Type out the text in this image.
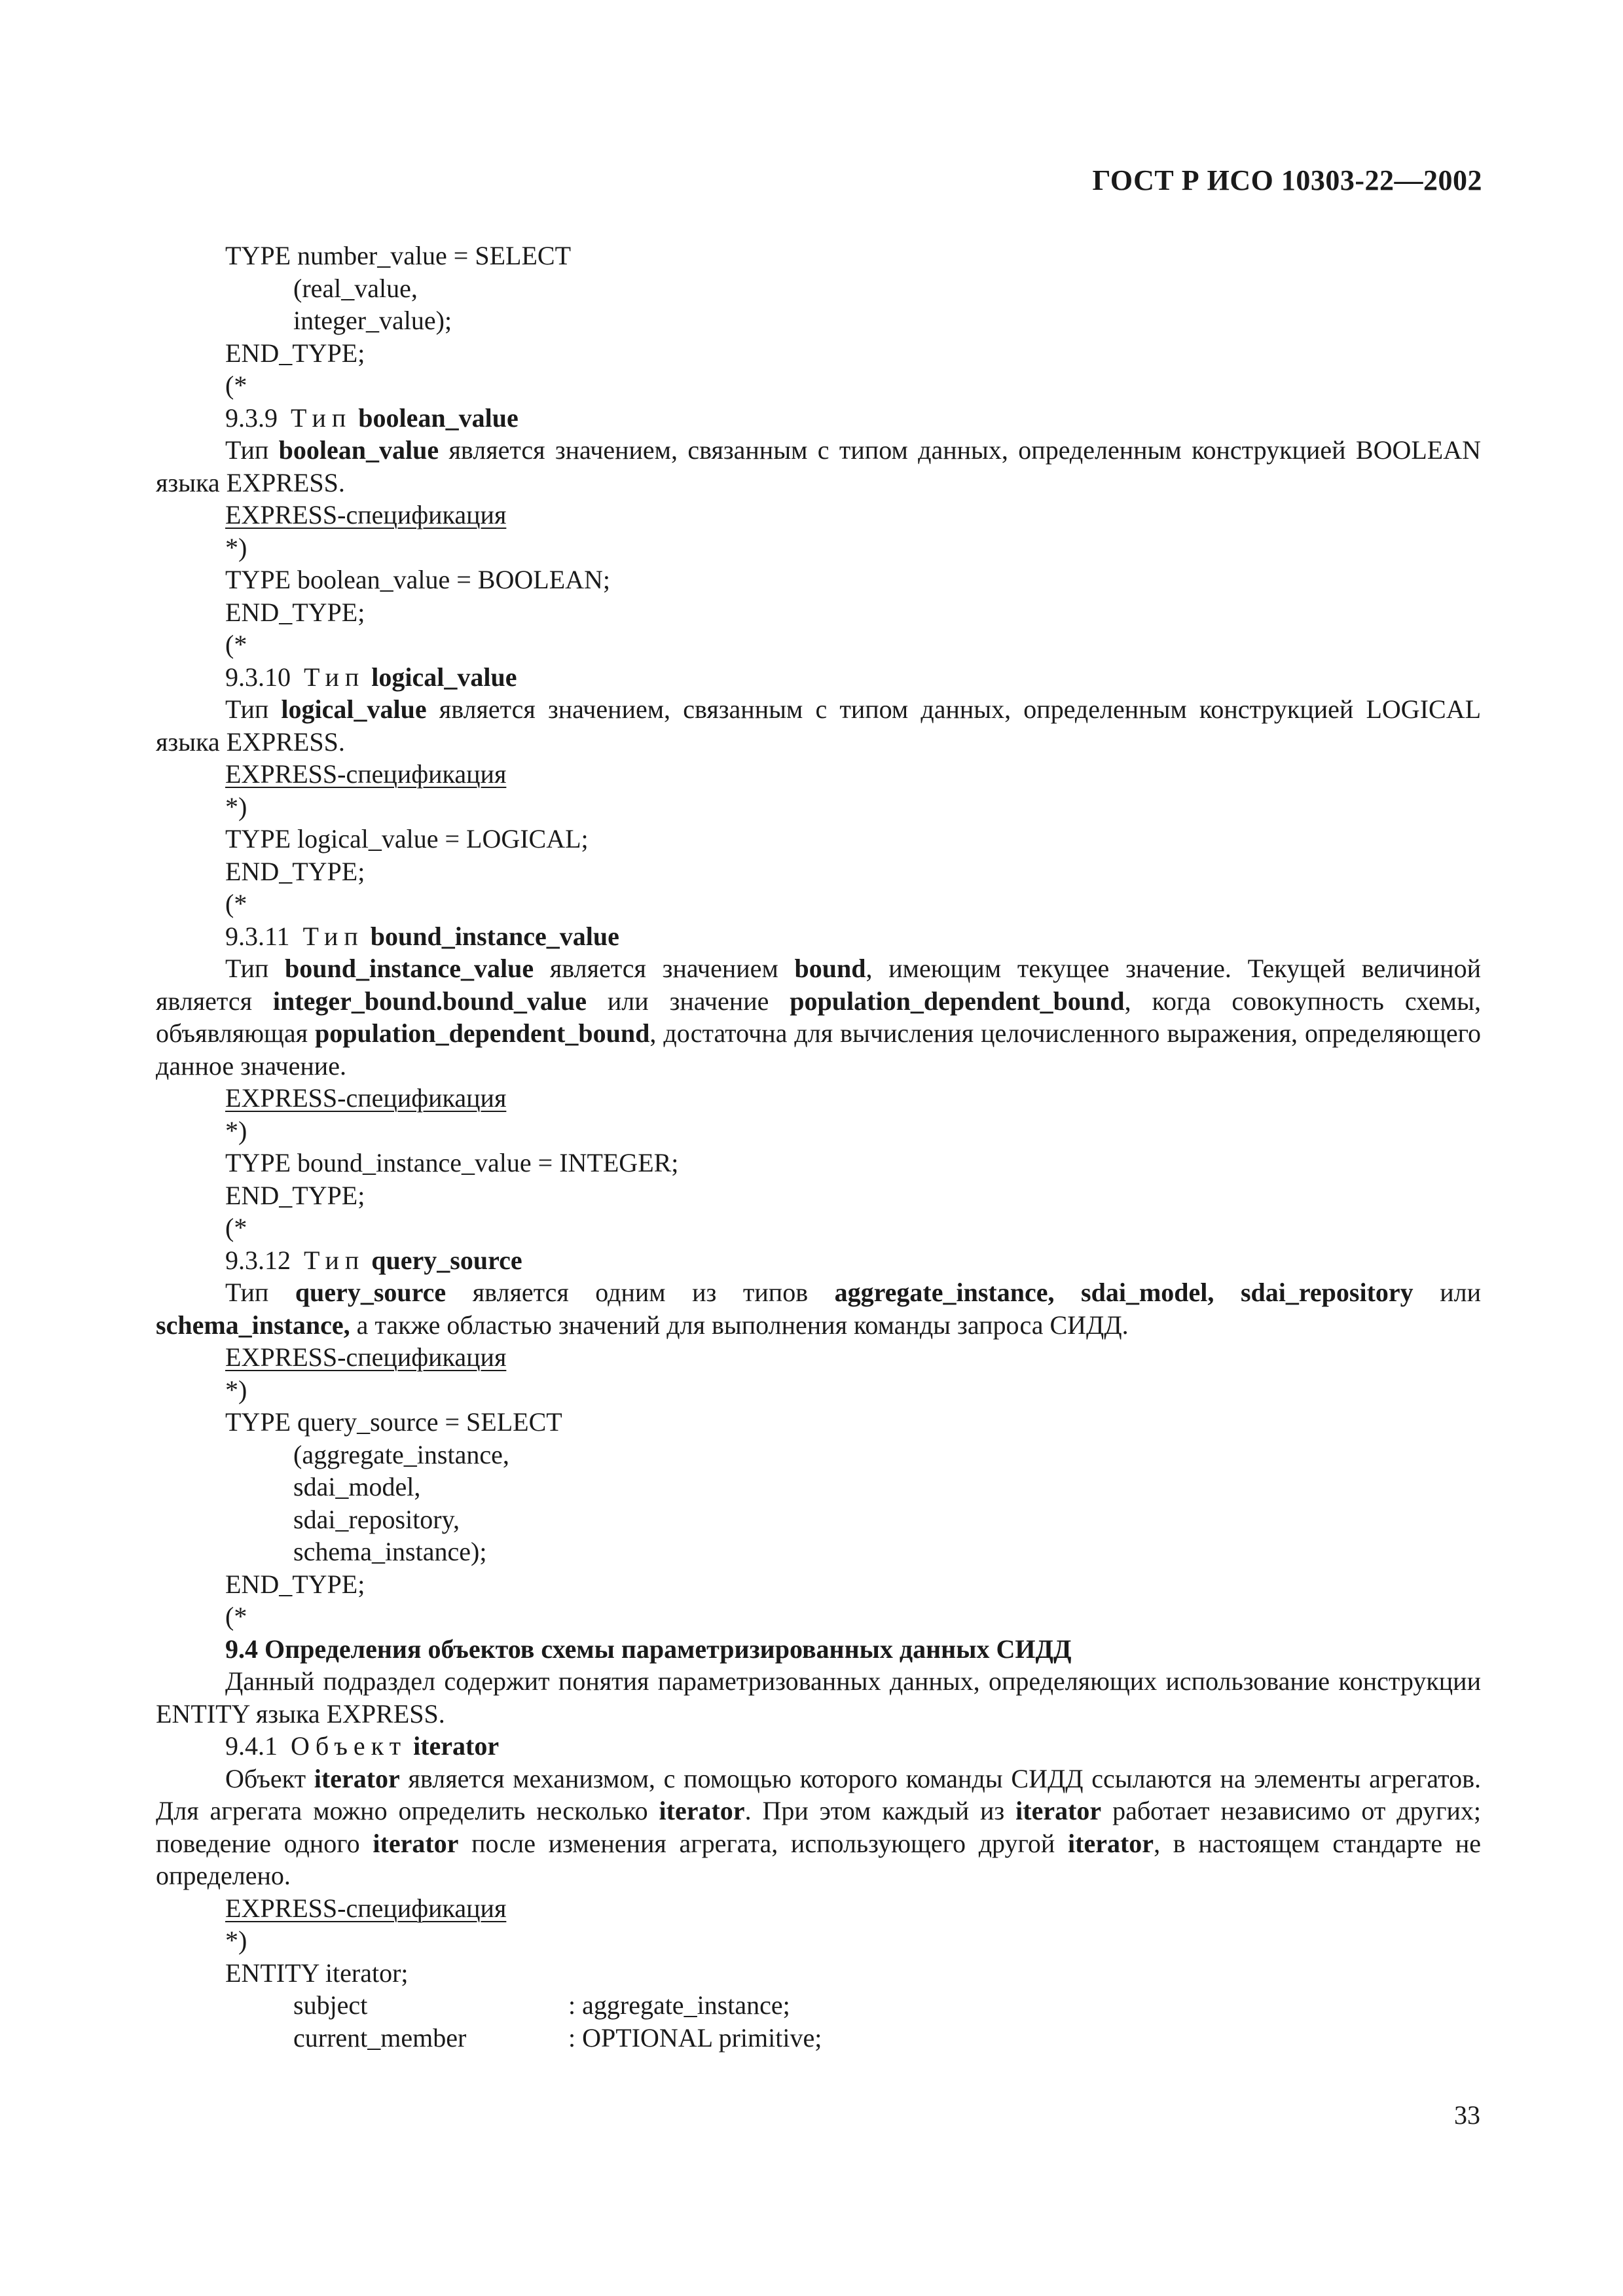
ГОСТ Р ИСО 10303-22—2002
TYPE number_value = SELECT
(real_value,
integer_value);
END_TYPE;
(*
9.3.9 Тип boolean_value
Тип boolean_value является значением, связанным с типом данных, определенным конструкцией BOOLEAN языка EXPRESS.
EXPRESS-спецификация
*)
TYPE boolean_value = BOOLEAN;
END_TYPE;
(*
9.3.10 Тип logical_value
Тип logical_value является значением, связанным с типом данных, определенным конструкцией LOGICAL языка EXPRESS.
EXPRESS-спецификация
*)
TYPE logical_value = LOGICAL;
END_TYPE;
(*
9.3.11 Тип bound_instance_value
Тип bound_instance_value является значением bound, имеющим текущее значение. Текущей величиной является integer_bound.bound_value или значение population_dependent_bound, когда совокупность схемы, объявляющая population_dependent_bound, достаточна для вычисления целочисленного выражения, определяющего данное значение.
EXPRESS-спецификация
*)
TYPE bound_instance_value = INTEGER;
END_TYPE;
(*
9.3.12 Тип query_source
Тип query_source является одним из типов aggregate_instance, sdai_model, sdai_repository или schema_instance, а также областью значений для выполнения команды запроса СИДД.
EXPRESS-спецификация
*)
TYPE query_source = SELECT
(aggregate_instance,
sdai_model,
sdai_repository,
schema_instance);
END_TYPE;
(*
9.4 Определения объектов схемы параметризированных данных СИДД
Данный подраздел содержит понятия параметризованных данных, определяющих использование конструкции ENTITY языка EXPRESS.
9.4.1 Объект iterator
Объект iterator является механизмом, с помощью которого команды СИДД ссылаются на элементы агрегатов. Для агрегата можно определить несколько iterator. При этом каждый из iterator работает независимо от других; поведение одного iterator после изменения агрегата, использующего другой iterator, в настоящем стандарте не определено.
EXPRESS-спецификация
*)
ENTITY iterator;
subject	: aggregate_instance;
current_member	: OPTIONAL primitive;
33
